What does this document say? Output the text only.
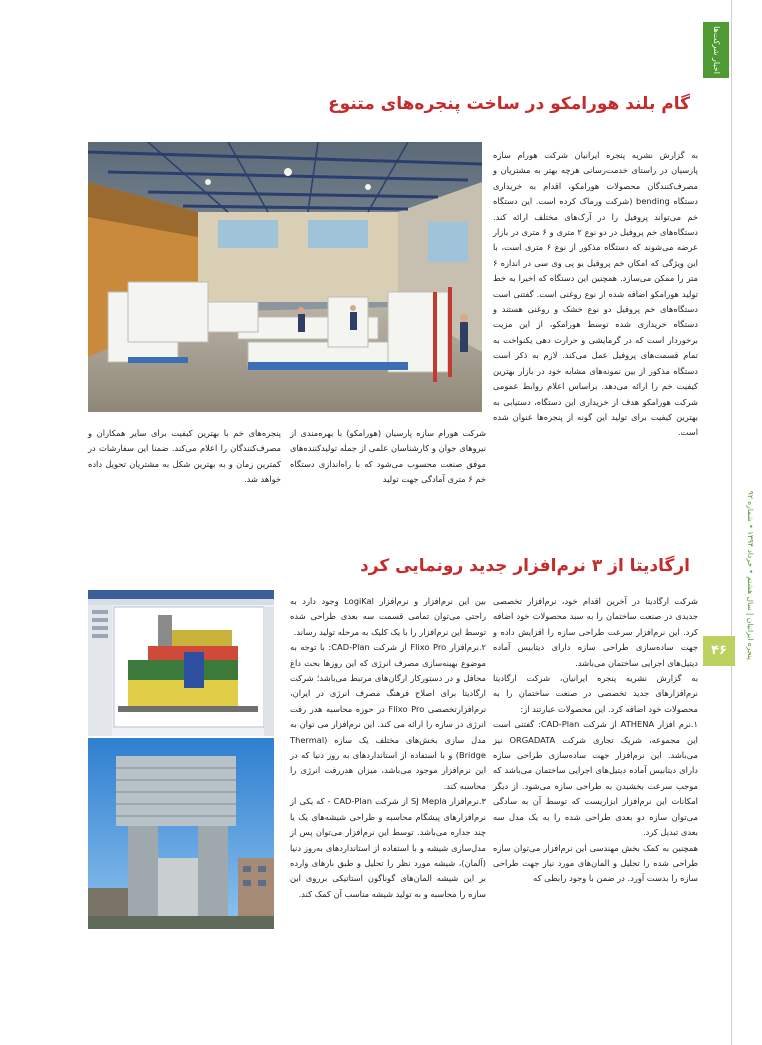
اخبار شرکت‌ها
پنجره ایرانیان | سال هشتم • خرداد ۱۳۹۴ • شماره ۹۲
۴۶
گام بلند هورامکو در ساخت پنجره‌های متنوع

به گزارش نشریه پنجره ایرانیان شرکت هورام سازه پارسیان در راستای خدمت‌رسانی هرچه بهتر به مشتریان و مصرف‌کنندگان محصولات هورامکو، اقدام به خریداری دستگاه bending (شرکت ورماک کرده است. این دستگاه خم می‌تواند پروفیل را در آرک‌های مختلف ارائه کند. دستگاه‌های خم پروفیل در دو نوع ۲ متری و ۶ متری در بازار عرضه می‌شوند که دستگاه مذکور از نوع ۶ متری است، با این ویژگی که امکان خم پروفیل یو پی وی سی در اندازه ۶ متر را ممکن می‌سازد. همچنین این دستگاه که اخیرا به خط تولید هورامکو اضافه شده از نوع روغنی است. گفتنی است دستگاه‌های خم پروفیل دو نوع خشک و روغنی هستند و دستگاه خریداری شده توسط هورامکو، از این مزیت برخوردار است که در گرمایشی و حرارت دهی یکنواخت به تمام قسمت‌های پروفیل عمل می‌کند. لازم به ذکر است دستگاه مذکور از بین نمونه‌های مشابه خود در بازار بهترین کیفیت خم را ارائه می‌دهد. براساس اعلام روابط عمومی شرکت هورامکو هدف از خریداری این دستگاه، دستیابی به بهترین کیفیت برای تولید این گونه از پنجره‌ها عنوان شده است.

شرکت هورام سازه پارسیان (هورامکو) با بهره‌مندی از نیروهای جوان و کارشناسان علمی از جمله تولیدکننده‌های موفق صنعت محسوب می‌شود که با راه‌اندازی دستگاه خم ۶ متری آمادگی جهت تولید

پنجره‌های خم با بهترین کیفیت برای سایر همکاران و مصرف‌کنندگان را اعلام می‌کند. ضمنا این سفارشات در کمترین زمان و به بهترین شکل به مشتریان تحویل داده خواهد شد.

ارگادیتا از ۳ نرم‌افزار جدید رونمایی کرد

شرکت ارگادیتا در آخرین اقدام خود، نرم‌افزار تخصصی جدیدی در صنعت ساختمان را به سبد محصولات خود اضافه کرد. این نرم‌افزار سرعت طراحی سازه را افزایش داده و جهت ساده‌سازی طراحی سازه دارای دیتابیس آماده دیتیل‌های اجرایی ساختمان می‌باشد.

به گزارش نشریه پنجره ایرانیان، شرکت ارگادیتا نرم‌افزارهای جدید تخصصی در صنعت ساختمان را به محصولات خود اضافه کرد. این محصولات عبارتند از:

۱.نرم افزار ATHENA از شرکت CAD-Plan: گفتنی است این مجموعه، شریک تجاری شرکت ORGADATA نیز می‌باشد. این نرم‌افزار جهت ساده‌سازی طراحی سازه دارای دیتابیس آماده دیتیل‌های اجرایی ساختمان می‌باشد که موجب سرعت بخشیدن به طراحی سازه می‌شود. از دیگر امکانات این نرم‌افزار ابزاریست که توسط آن به سادگی می‌توان سازه دو بعدی طراحی شده را به یک مدل سه بعدی تبدیل کرد.

همچنین به کمک بخش مهندسی این نرم‌افزار می‌توان سازه طراحی شده را تحلیل و المان‌های مورد نیاز جهت طراحی سازه را بدست آورد. در ضمن با وجود رابطی که

بین این نرم‌افزار و نرم‌افزار LogiKal وجود دارد به راحتی می‌توان تمامی قسمت سه بعدی طراحی شده توسط این نرم‌افزار را با یک کلیک به مرحله تولید رساند.

۲.نرم‌افزار Flixo Pro از شرکت CAD-Plan: با توجه به موضوع بهینه‌سازی مصرف انرژی که این روزها بحث داغ محافل و در دستورکار ارگان‌های مرتبط می‌باشد؛ شرکت ارگادیتا برای اصلاح فرهنگ مصرف انرژی در ایران، نرم‌افزارتخصصی Flixo Pro در حوزه محاسبه هدر رفت انرژی در سازه را ارائه می کند. این نرم‌افزار می توان به مدل سازی بخش‌های مختلف یک سازه (Thermal Bridge) و با استفاده از استانداردهای به روز دنیا که در این نرم‌افزار موجود می‌باشد، میزان هدررفت انرژی را محاسبه کند.

۳.نرم‌افزار SJ Mepla از شرکت CAD-Plan - که یکی از نرم‌افزارهای پیشگام محاسبه و طراحی شیشه‌های یک یا چند جداره می‌باشد. توسط این نرم‌افزار می‌توان پس از مدل‌سازی شیشه و با استفاده از استانداردهای به‌روز دنیا (آلمان)، شیشه مورد نظر را تحلیل و طبق بارهای وارده بر این شیشه المان‌های گوناگون استاتیکی برروی این سازه را محاسبه و به تولید شیشه مناسب آن کمک کند.
